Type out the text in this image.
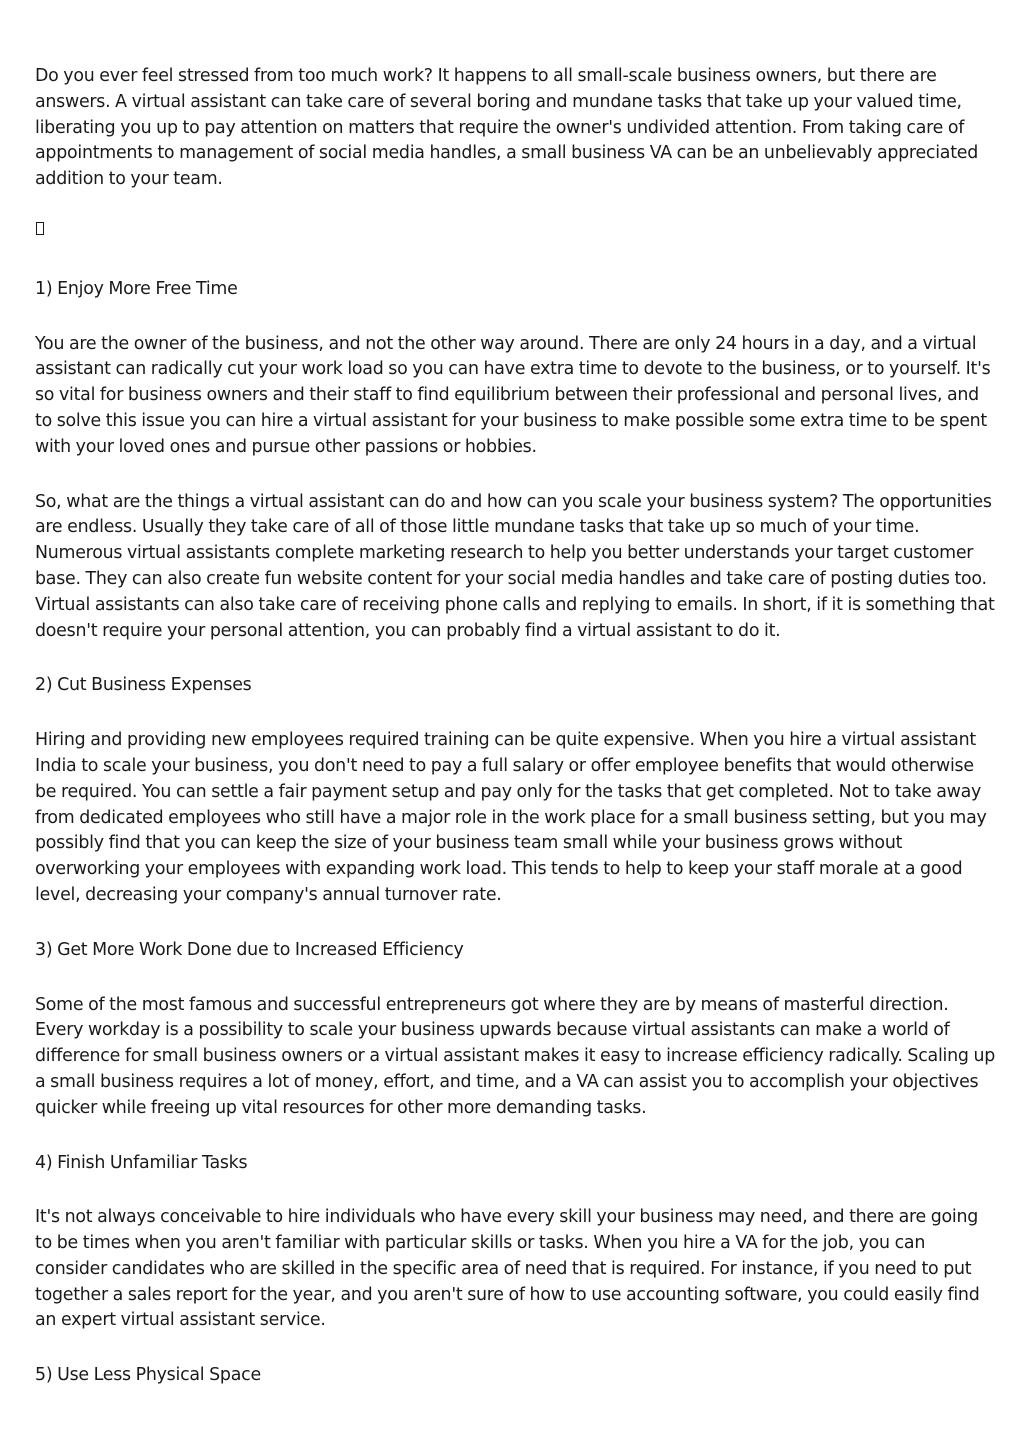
Do you ever feel stressed from too much work? It happens to all small-scale business owners, but there are answers. A virtual assistant can take care of several boring and mundane tasks that take up your valued time, liberating you up to pay attention on matters that require the owner's undivided attention. From taking care of appointments to management of social media handles, a small business VA can be an unbelievably appreciated addition to your team.

1) Enjoy More Free Time

You are the owner of the business, and not the other way around. There are only 24 hours in a day, and a virtual assistant can radically cut your work load so you can have extra time to devote to the business, or to yourself. It's so vital for business owners and their staff to find equilibrium between their professional and personal lives, and to solve this issue you can hire a virtual assistant for your business to make possible some extra time to be spent with your loved ones and pursue other passions or hobbies.

So, what are the things a virtual assistant can do and how can you scale your business system? The opportunities are endless. Usually they take care of all of those little mundane tasks that take up so much of your time. Numerous virtual assistants complete marketing research to help you better understands your target customer base. They can also create fun website content for your social media handles and take care of posting duties too. Virtual assistants can also take care of receiving phone calls and replying to emails. In short, if it is something that doesn't require your personal attention, you can probably find a virtual assistant to do it.

2) Cut Business Expenses

Hiring and providing new employees required training can be quite expensive. When you hire a virtual assistant India to scale your business, you don't need to pay a full salary or offer employee benefits that would otherwise be required. You can settle a fair payment setup and pay only for the tasks that get completed. Not to take away from dedicated employees who still have a major role in the work place for a small business setting, but you may possibly find that you can keep the size of your business team small while your business grows without overworking your employees with expanding work load. This tends to help to keep your staff morale at a good level, decreasing your company's annual turnover rate.

3) Get More Work Done due to Increased Efficiency

Some of the most famous and successful entrepreneurs got where they are by means of masterful direction. Every workday is a possibility to scale your business upwards because virtual assistants can make a world of difference for small business owners or a virtual assistant makes it easy to increase efficiency radically. Scaling up a small business requires a lot of money, effort, and time, and a VA can assist you to accomplish your objectives quicker while freeing up vital resources for other more demanding tasks.

4) Finish Unfamiliar Tasks

It's not always conceivable to hire individuals who have every skill your business may need, and there are going to be times when you aren't familiar with particular skills or tasks. When you hire a VA for the job, you can consider candidates who are skilled in the specific area of need that is required. For instance, if you need to put together a sales report for the year, and you aren't sure of how to use accounting software, you could easily find an expert virtual assistant service.

5) Use Less Physical Space
